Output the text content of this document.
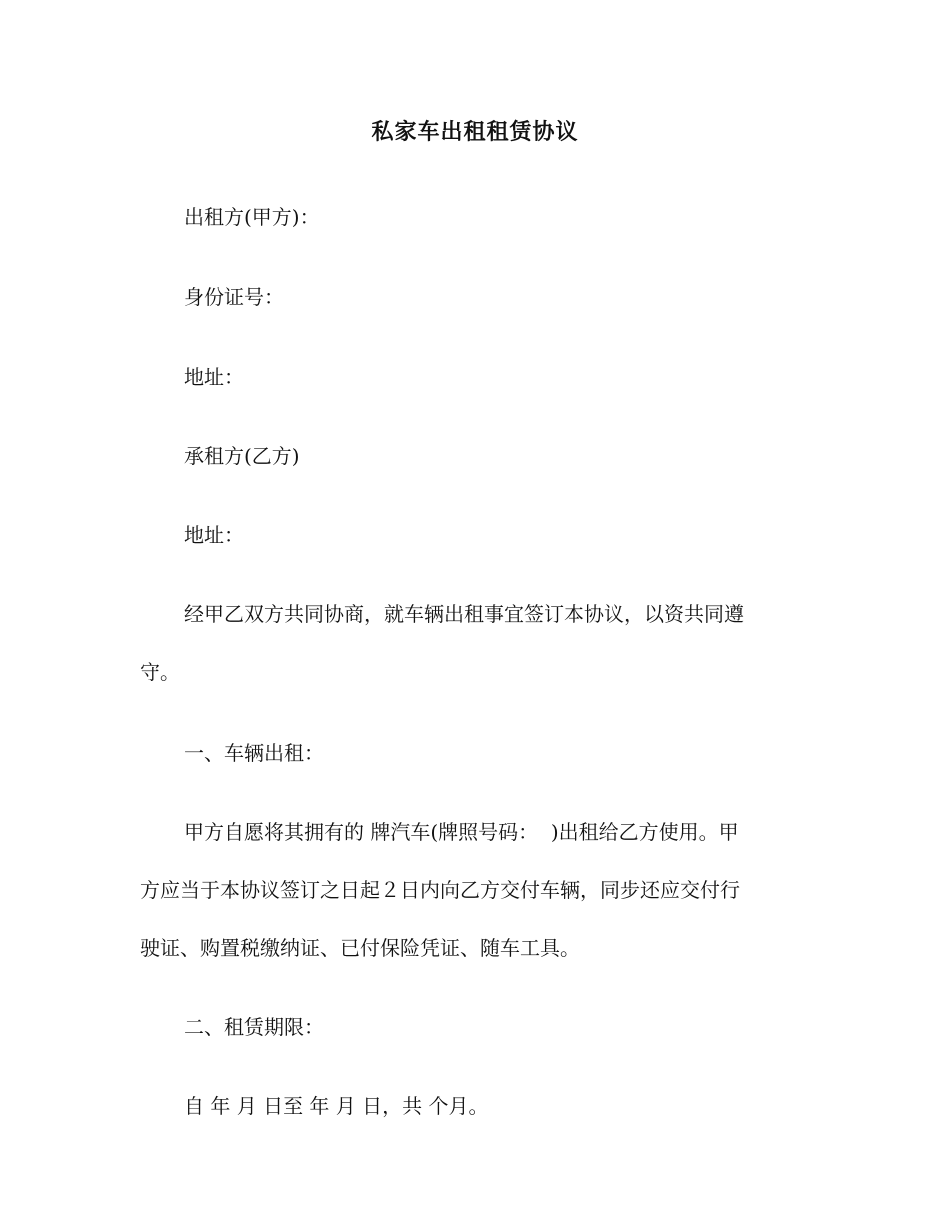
私家车出租租赁协议
出租方(甲方)：
身份证号：
地址：
承租方(乙方)
地址：
经甲乙双方共同协商，就车辆出租事宜签订本协议，以资共同遵
守。
一、车辆出租：
甲方自愿将其拥有的 牌汽车(牌照号码：  )出租给乙方使用。甲
方应当于本协议签订之日起２日内向乙方交付车辆，同步还应交付行
驶证、购置税缴纳证、已付保险凭证、随车工具。
二、租赁期限：
自 年 月 日至 年 月 日，共 个月。
